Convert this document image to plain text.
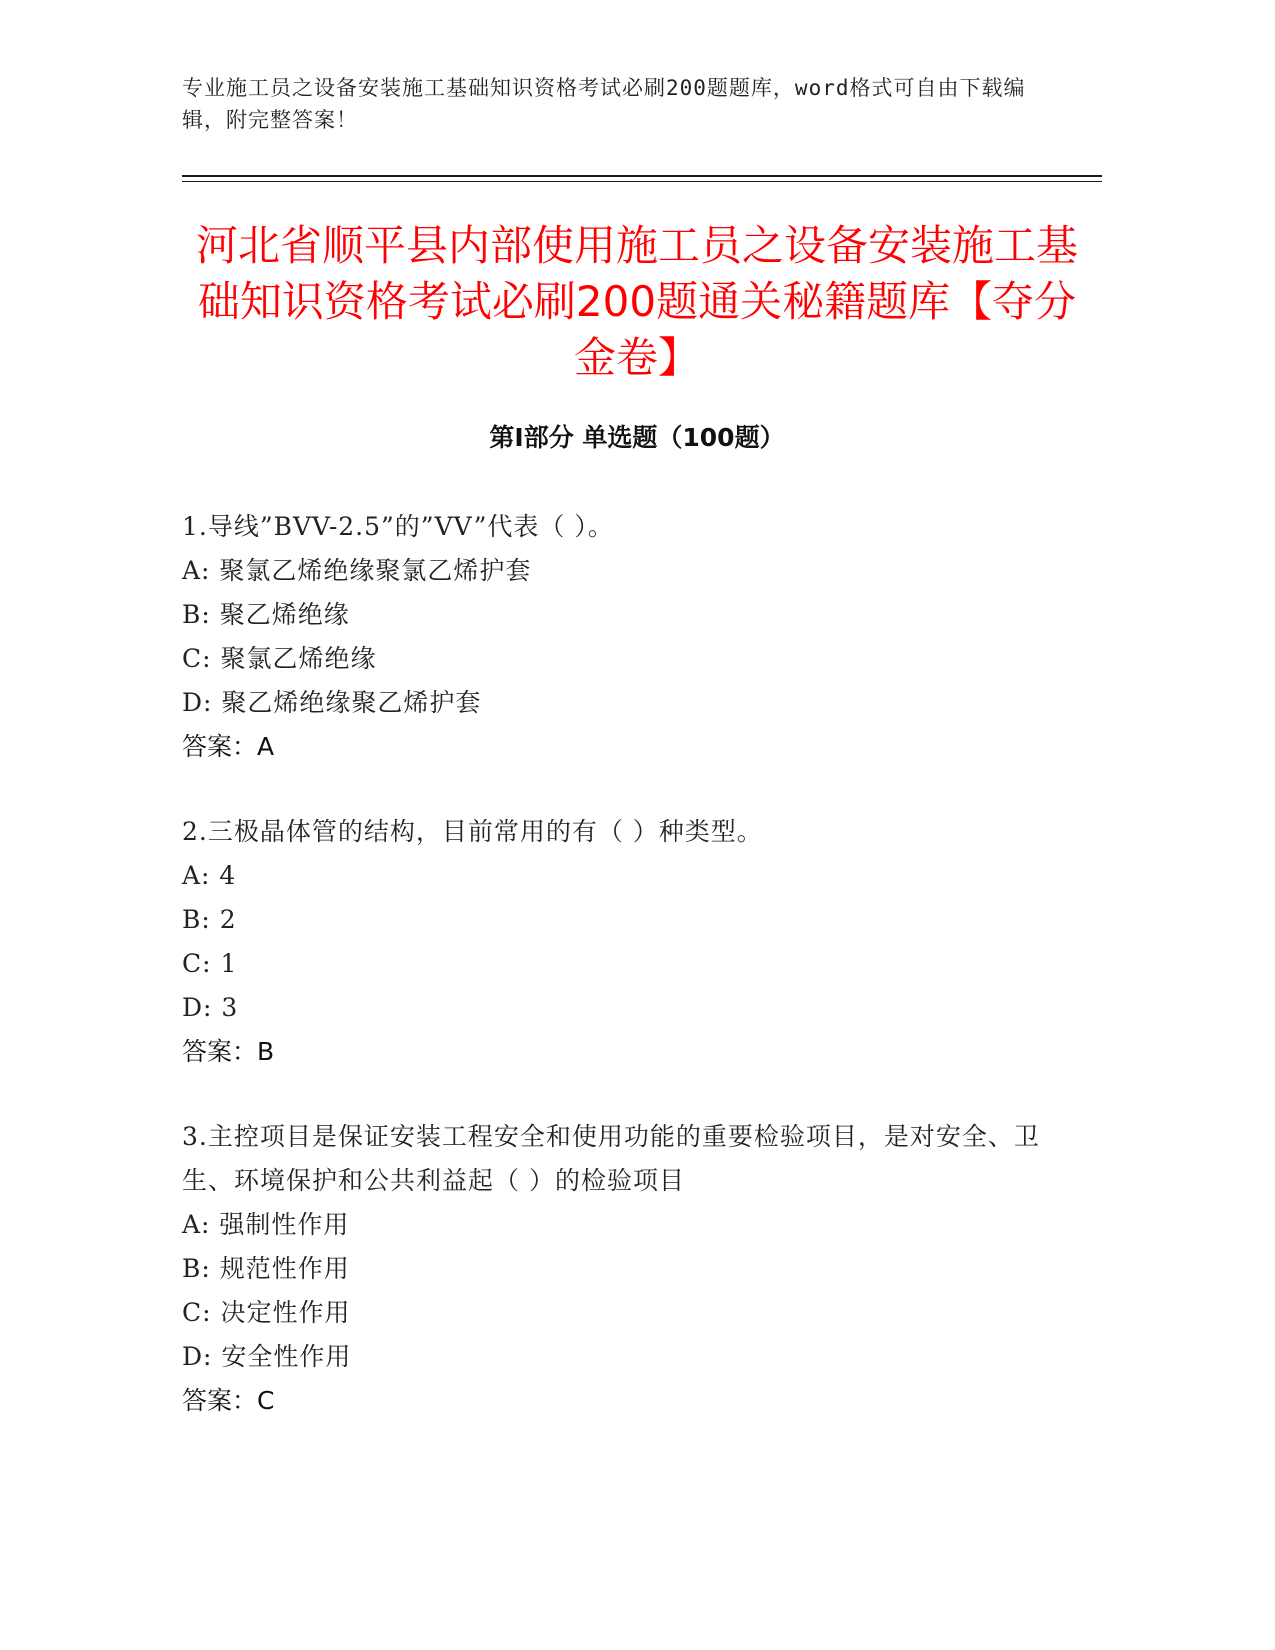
专业施工员之设备安装施工基础知识资格考试必刷200题题库，word格式可自由下载编辑，附完整答案！
河北省顺平县内部使用施工员之设备安装施工基础知识资格考试必刷200题通关秘籍题库【夺分金卷】
第Ⅰ部分 单选题（100题）
1.导线”BVV-2.5”的”VV”代表（ ）。
A: 聚氯乙烯绝缘聚氯乙烯护套
B: 聚乙烯绝缘
C: 聚氯乙烯绝缘
D: 聚乙烯绝缘聚乙烯护套
答案：A
2.三极晶体管的结构，目前常用的有（ ）种类型。
A: 4
B: 2
C: 1
D: 3
答案：B
3.主控项目是保证安装工程安全和使用功能的重要检验项目，是对安全、卫生、环境保护和公共利益起（ ）的检验项目
A: 强制性作用
B: 规范性作用
C: 决定性作用
D: 安全性作用
答案：C
